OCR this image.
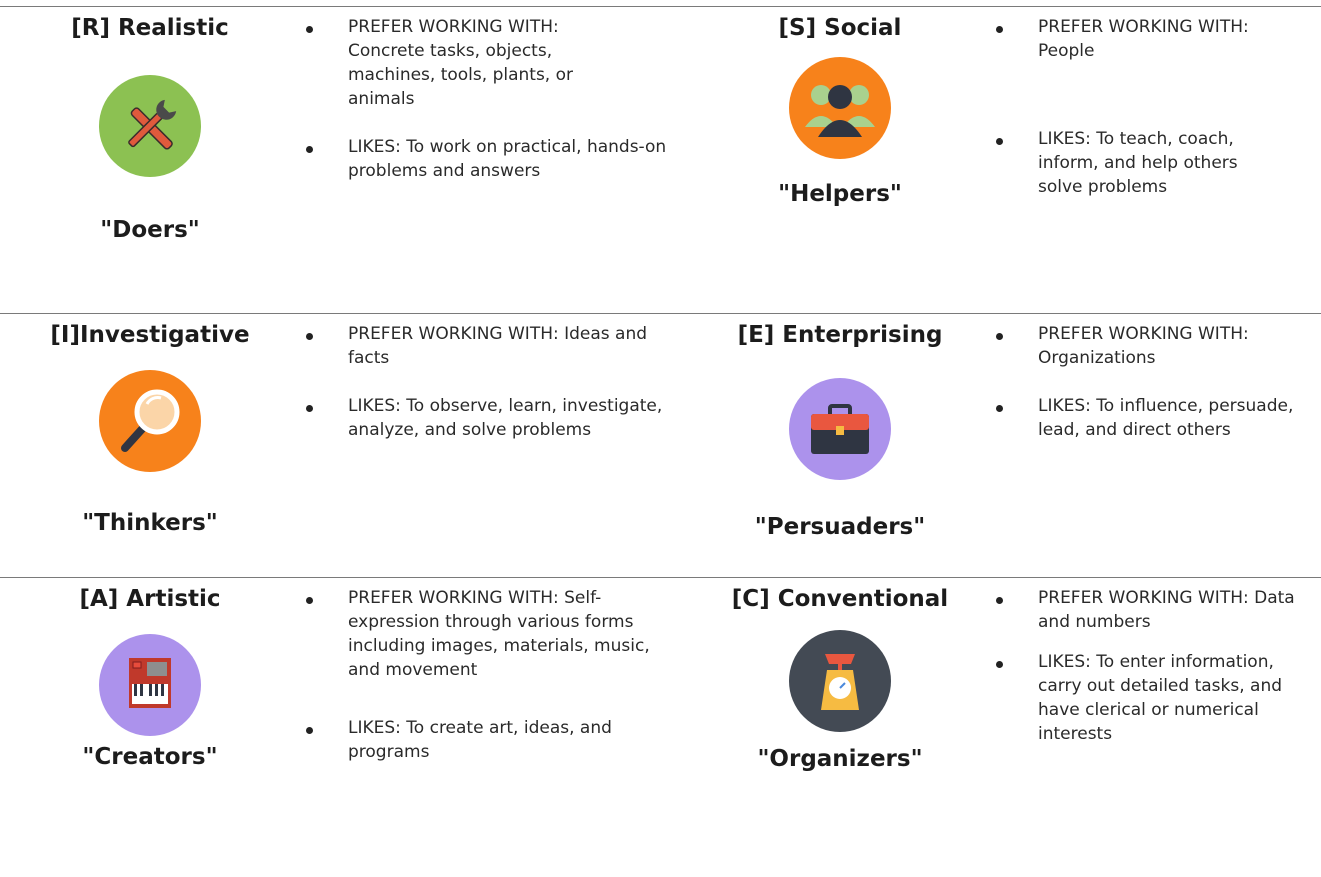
[R] Realistic
"Doers"
PREFER WORKING WITH: Concrete tasks, objects, machines, tools, plants, or animals
LIKES: To work on practical, hands-on problems and answers
[S] Social
"Helpers"
PREFER WORKING WITH: People
LIKES: To teach, coach, inform, and help others solve problems
[I]Investigative
"Thinkers"
PREFER WORKING WITH: Ideas and facts
LIKES: To observe, learn, investigate, analyze, and solve problems
[E] Enterprising
"Persuaders"
PREFER WORKING WITH: Organizations
LIKES: To influence, persuade, lead, and direct others
[A] Artistic
"Creators"
PREFER WORKING WITH: Self-expression through various forms including images, materials, music, and movement
LIKES: To create art, ideas, and programs
[C] Conventional
"Organizers"
PREFER WORKING WITH: Data and numbers
LIKES: To enter information, carry out detailed tasks, and have clerical or numerical interests
